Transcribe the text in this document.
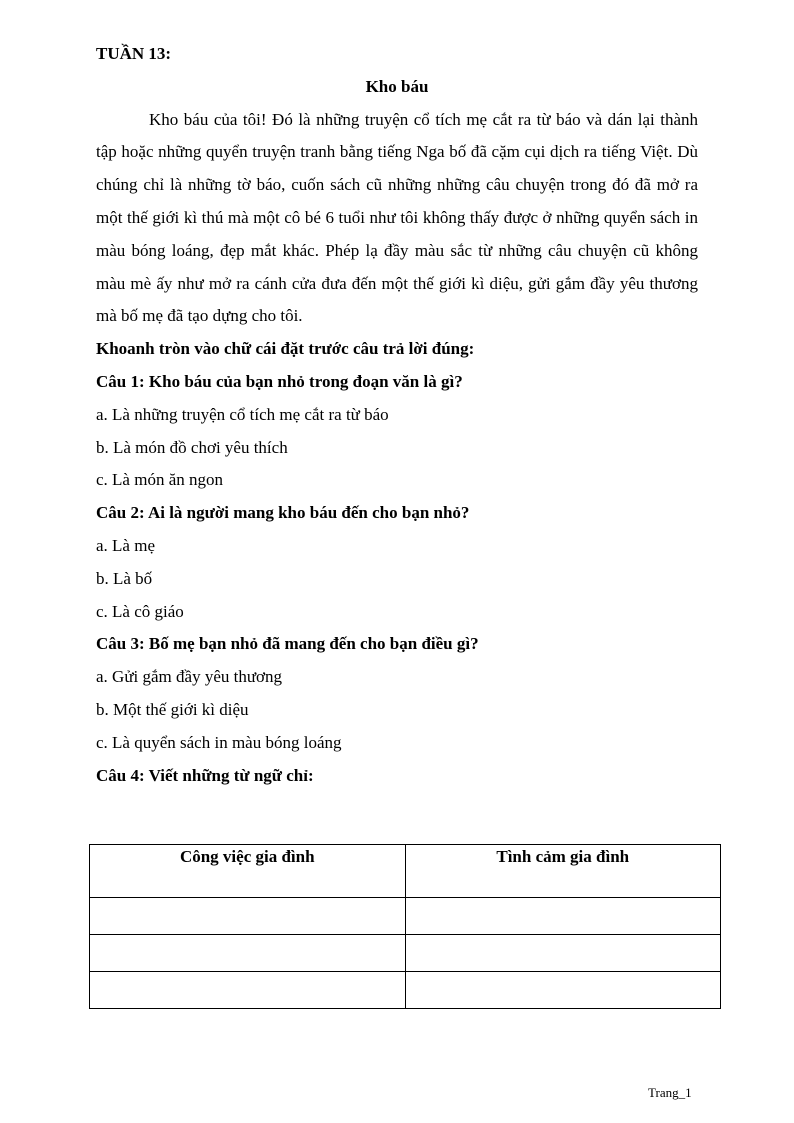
TUẦN 13:
Kho báu

Kho báu của tôi! Đó là những truyện cổ tích mẹ cắt ra từ báo và dán lại thành tập hoặc những quyển truyện tranh bằng tiếng Nga bố đã cặm cụi dịch ra tiếng Việt. Dù chúng chỉ là những tờ báo, cuốn sách cũ những những câu chuyện trong đó đã mở ra một thế giới kì thú mà một cô bé 6 tuổi như tôi không thấy được ở những quyển sách in màu bóng loáng, đẹp mắt khác. Phép lạ đầy màu sắc từ những câu chuyện cũ không màu mè ấy như mở ra cánh cửa đưa đến một thế giới kì diệu, gửi gắm đầy yêu thương mà bố mẹ đã tạo dựng cho tôi.

Khoanh tròn vào chữ cái đặt trước câu trả lời đúng:
Câu 1: Kho báu của bạn nhỏ trong đoạn văn là gì?
a. Là những truyện cổ tích mẹ cắt ra từ báo
b. Là món đồ chơi yêu thích
c. Là món ăn ngon
Câu 2: Ai là người mang kho báu đến cho bạn nhỏ?
a. Là mẹ
b. Là bố
c. Là cô giáo
Câu 3: Bố mẹ bạn nhỏ đã mang đến cho bạn điều gì?
a. Gửi gắm đầy yêu thương
b. Một thế giới kì diệu
c. Là quyển sách in màu bóng loáng
Câu 4: Viết những từ ngữ chỉ:
Công việc gia đình	Tình cảm gia đình

Trang_1
